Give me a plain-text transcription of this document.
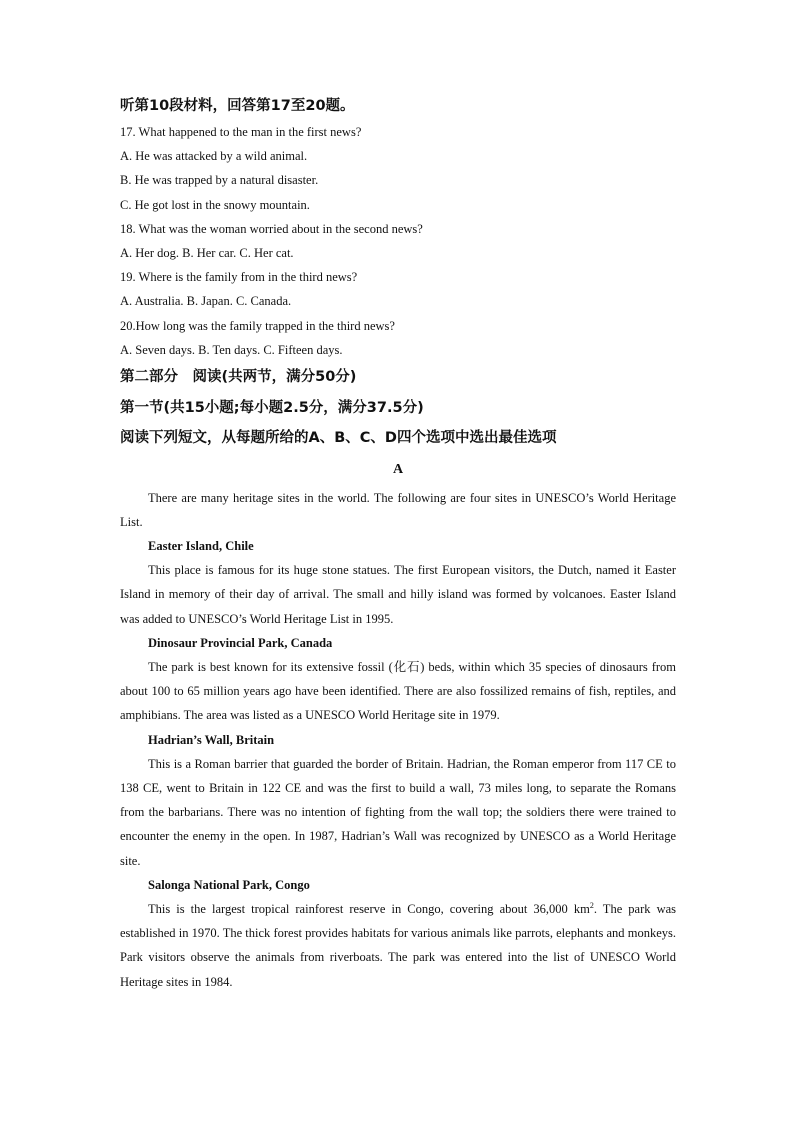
听第10段材料，回答第17至20题。

17. What happened to the man in the first news?

A. He was attacked by a wild animal.

B. He was trapped by a natural disaster.

C. He got lost in the snowy mountain.

18. What was the woman worried about in the second news?

A. Her dog. B. Her car. C. Her cat.

19. Where is the family from in the third news?

A. Australia. B. Japan. C. Canada.

20.How long was the family trapped in the third news?

A. Seven days. B. Ten days. C. Fifteen days.

第二部分　阅读(共两节，满分50分)

第一节(共15小题;每小题2.5分，满分37.5分)

阅读下列短文，从每题所给的A、B、C、D四个选项中选出最佳选项

A

There are many heritage sites in the world. The following are four sites in UNESCO’s World Heritage List.

Easter Island, Chile

This place is famous for its huge stone statues. The first European visitors, the Dutch, named it Easter Island in memory of their day of arrival. The small and hilly island was formed by volcanoes. Easter Island was added to UNESCO’s World Heritage List in 1995.

Dinosaur Provincial Park, Canada

The park is best known for its extensive fossil (化石) beds, within which 35 species of dinosaurs from about 100 to 65 million years ago have been identified. There are also fossilized remains of fish, reptiles, and amphibians. The area was listed as a UNESCO World Heritage site in 1979.

Hadrian’s Wall, Britain

This is a Roman barrier that guarded the border of Britain. Hadrian, the Roman emperor from 117 CE to 138 CE, went to Britain in 122 CE and was the first to build a wall, 73 miles long, to separate the Romans from the barbarians. There was no intention of fighting from the wall top; the soldiers there were trained to encounter the enemy in the open. In 1987, Hadrian’s Wall was recognized by UNESCO as a World Heritage site.

Salonga National Park, Congo

This is the largest tropical rainforest reserve in Congo, covering about 36,000 $km^2$. The park was established in 1970. The thick forest provides habitats for various animals like parrots, elephants and monkeys. Park visitors observe the animals from riverboats. The park was entered into the list of UNESCO World Heritage sites in 1984.
